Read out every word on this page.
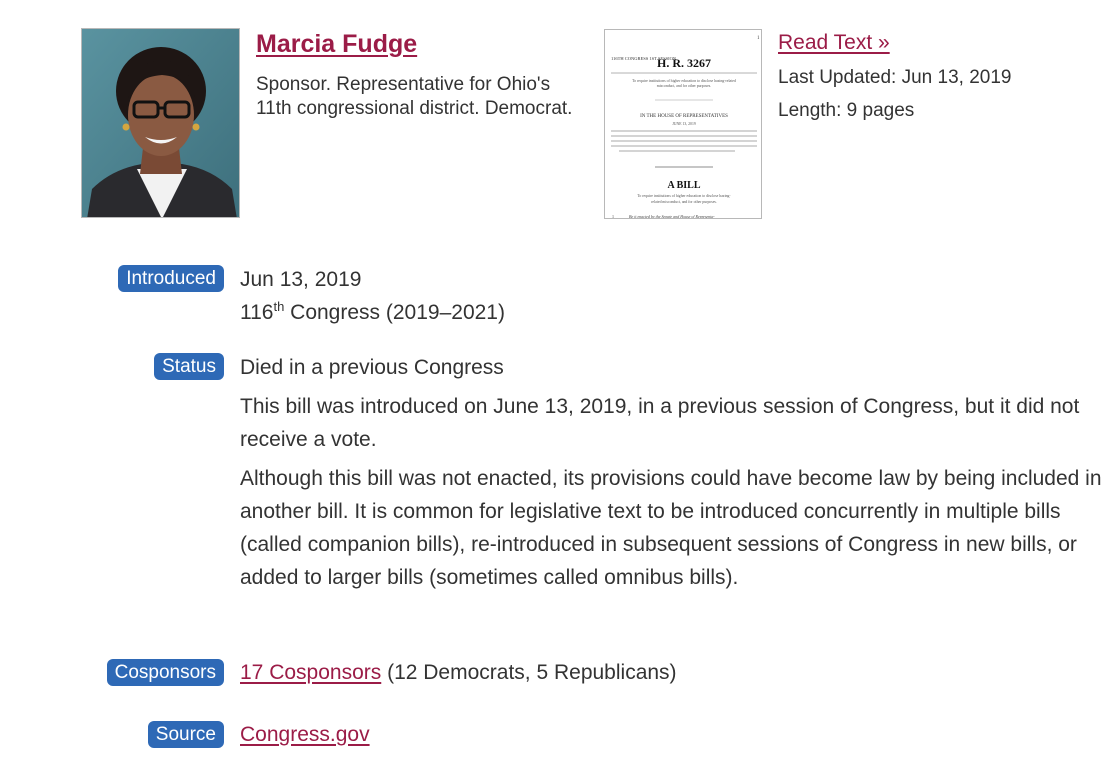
Marcia Fudge
Sponsor. Representative for Ohio's 11th congressional district. Democrat.
1
116TH CONGRESS 1ST SESSION
H. R. 3267
To require institutions of higher education to disclose hazing-related
misconduct, and for other purposes.
IN THE HOUSE OF REPRESENTATIVES
JUNE 13, 2019
A BILL
To require institutions of higher education to disclose hazing-
related misconduct, and for other purposes.
1	Be it enacted by the Senate and House of Representa-
Read Text »
Last Updated: Jun 13, 2019
Length: 9 pages
Introduced	Jun 13, 2019
116th Congress (2019–2021)
Status	Died in a previous Congress

This bill was introduced on June 13, 2019, in a previous session of Congress, but it did not receive a vote.

Although this bill was not enacted, its provisions could have become law by being included in another bill. It is common for legislative text to be introduced concurrently in multiple bills (called companion bills), re-introduced in subsequent sessions of Congress in new bills, or added to larger bills (sometimes called omnibus bills).

Cosponsors	17 Cosponsors (12 Democrats, 5 Republicans)
Source	Congress.gov
